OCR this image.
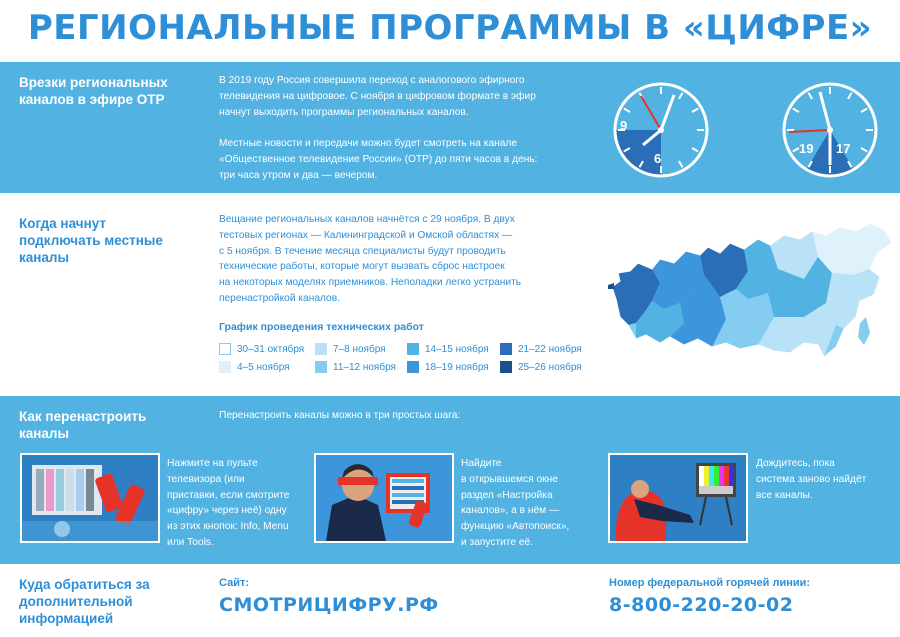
РЕГИОНАЛЬНЫЕ ПРОГРАММЫ В «ЦИФРЕ»
Врезки региональных каналов в эфире ОТР
В 2019 году Россия совершила переход с аналогового эфирного
телевидения на цифровое. С ноября в цифровом формате в эфир
начнут выходить программы региональных каналов.
Местные новости и передачи можно будет смотреть на канале
«Общественное телевидение России» (ОТР) до пяти часов в день:
три часа утром и два — вечером.
9
6
19 17
Когда начнут подключать местные каналы
Вещание региональных каналов начнётся с 29 ноября. В двух
тестовых регионах — Калининградской и Омской областях —
с 5 ноября. В течение месяца специалисты будут проводить
технические работы, которые могут вызвать сброс настроек
на некоторых моделях приемников. Неполадки легко устранить
перенастройкой каналов.
График проведения технических работ
30–31 октября
4–5 ноября
7–8 ноября
11–12 ноября
14–15 ноября
18–19 ноября
21–22 ноября
25–26 ноября
Как перенастроить каналы
Перенастроить каналы можно в три простых шага:
Нажмите на пульте
телевизора (или
приставки, если смотрите
«цифру» через неё) одну
из этих кнопок: Info, Menu
или Tools.
Найдите
в открывшемся окне
раздел «Настройка
каналов», а в нём —
функцию «Автопоиск»,
и запустите её.
Дождитесь, пока
система заново найдёт
все каналы.
Куда обратиться за дополнительной информацией
Сайт:
СМОТРИЦИФРУ.РФ
Номер федеральной горячей линии:
8-800-220-20-02
